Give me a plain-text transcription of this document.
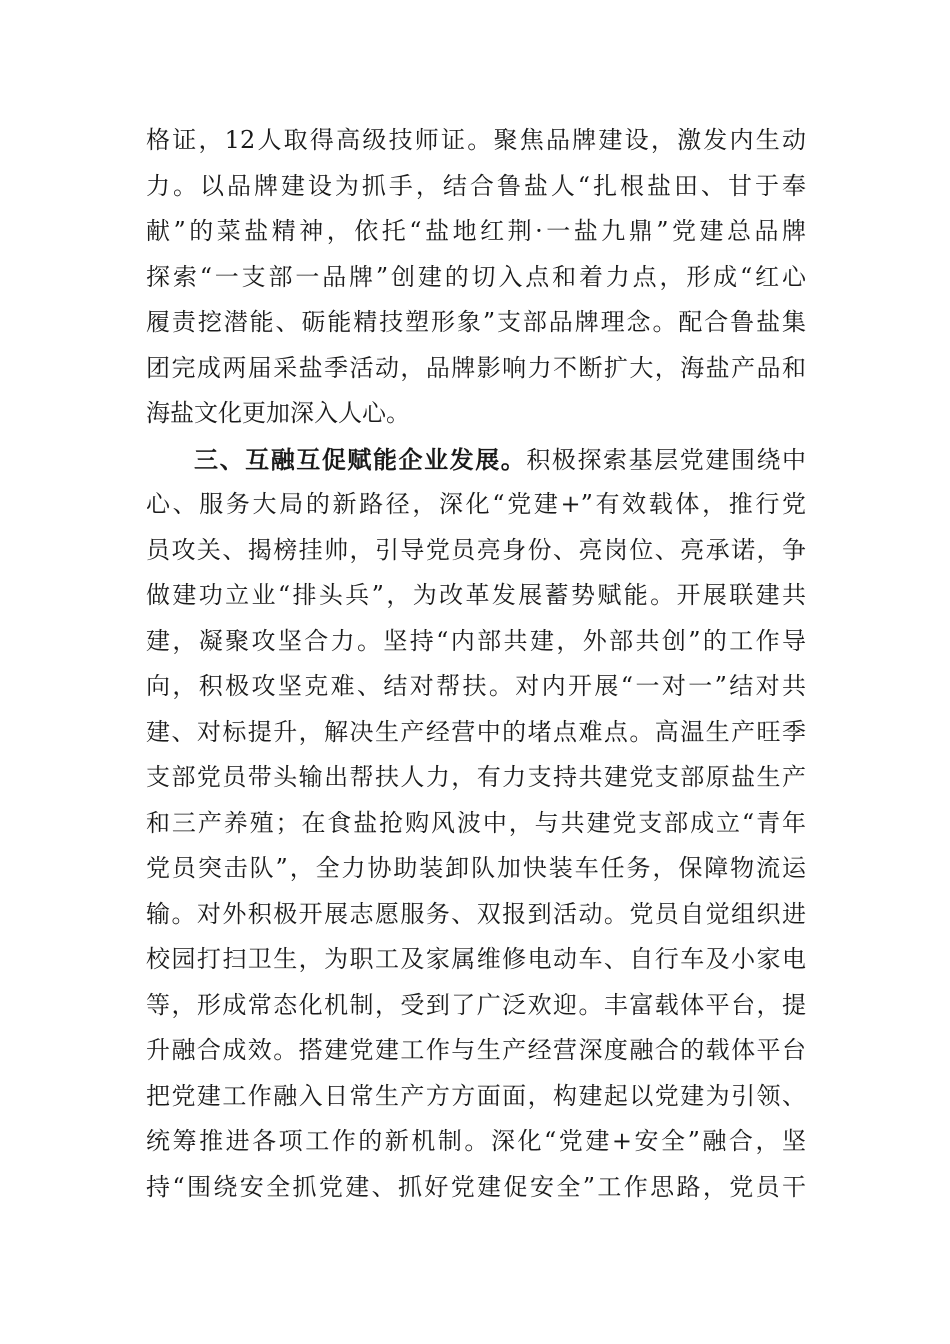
格证，12人取得高级技师证。聚焦品牌建设，激发内生动
力。以品牌建设为抓手，结合鲁盐人“扎根盐田、甘于奉
献”的菜盐精神，依托“盐地红荆·一盐九鼎”党建总品牌
探索“一支部一品牌”创建的切入点和着力点，形成“红心
履责挖潜能、砺能精技塑形象”支部品牌理念。配合鲁盐集
团完成两届采盐季活动，品牌影响力不断扩大，海盐产品和
海盐文化更加深入人心。
三、互融互促赋能企业发展。积极探索基层党建围绕中
心、服务大局的新路径，深化“党建+”有效载体，推行党
员攻关、揭榜挂帅，引导党员亮身份、亮岗位、亮承诺，争
做建功立业“排头兵”，为改革发展蓄势赋能。开展联建共
建，凝聚攻坚合力。坚持“内部共建，外部共创”的工作导
向，积极攻坚克难、结对帮扶。对内开展“一对一”结对共
建、对标提升，解决生产经营中的堵点难点。高温生产旺季
支部党员带头输出帮扶人力，有力支持共建党支部原盐生产
和三产养殖；在食盐抢购风波中，与共建党支部成立“青年
党员突击队”，全力协助装卸队加快装车任务，保障物流运
输。对外积极开展志愿服务、双报到活动。党员自觉组织进
校园打扫卫生，为职工及家属维修电动车、自行车及小家电
等，形成常态化机制，受到了广泛欢迎。丰富载体平台，提
升融合成效。搭建党建工作与生产经营深度融合的载体平台
把党建工作融入日常生产方方面面，构建起以党建为引领、
统筹推进各项工作的新机制。深化“党建+安全”融合，坚
持“围绕安全抓党建、抓好党建促安全”工作思路，党员干
